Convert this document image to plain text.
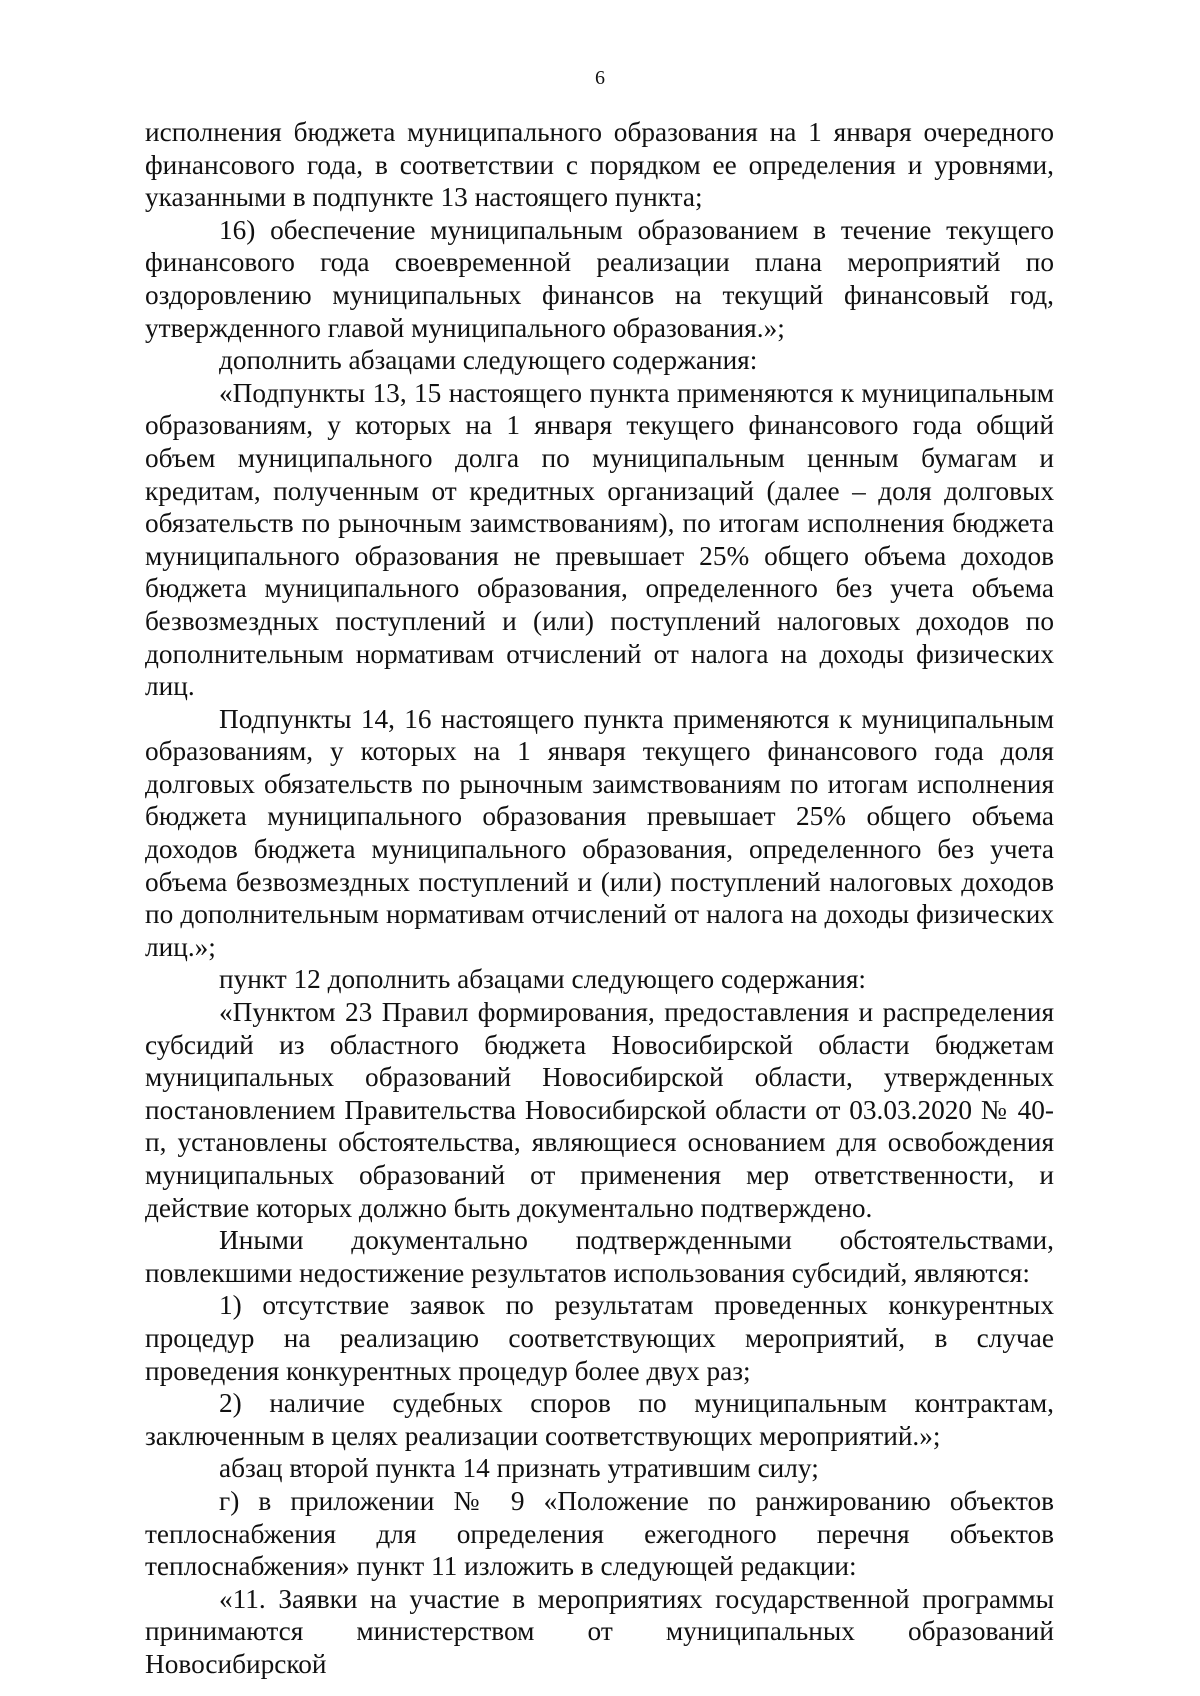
6

исполнения бюджета муниципального образования на 1 января очередного финансового года, в соответствии с порядком ее определения и уровнями, указанными в подпункте 13 настоящего пункта;

16) обеспечение муниципальным образованием в течение текущего финансового года своевременной реализации плана мероприятий по оздоровлению муниципальных финансов на текущий финансовый год, утвержденного главой муниципального образования.»;

дополнить абзацами следующего содержания:

«Подпункты 13, 15 настоящего пункта применяются к муниципальным образованиям, у которых на 1 января текущего финансового года общий объем муниципального долга по муниципальным ценным бумагам и кредитам, полученным от кредитных организаций (далее – доля долговых обязательств по рыночным заимствованиям), по итогам исполнения бюджета муниципального образования не превышает 25% общего объема доходов бюджета муниципального образования, определенного без учета объема безвозмездных поступлений и (или) поступлений налоговых доходов по дополнительным нормативам отчислений от налога на доходы физических лиц.

Подпункты 14, 16 настоящего пункта применяются к муниципальным образованиям, у которых на 1 января текущего финансового года доля долговых обязательств по рыночным заимствованиям по итогам исполнения бюджета муниципального образования превышает 25% общего объема доходов бюджета муниципального образования, определенного без учета объема безвозмездных поступлений и (или) поступлений налоговых доходов по дополнительным нормативам отчислений от налога на доходы физических лиц.»;

пункт 12 дополнить абзацами следующего содержания:

«Пунктом 23 Правил формирования, предоставления и распределения субсидий из областного бюджета Новосибирской области бюджетам муниципальных образований Новосибирской области, утвержденных постановлением Правительства Новосибирской области от 03.03.2020 № 40-п, установлены обстоятельства, являющиеся основанием для освобождения муниципальных образований от применения мер ответственности, и действие которых должно быть документально подтверждено.

Иными документально подтвержденными обстоятельствами, повлекшими недостижение результатов использования субсидий, являются:

1) отсутствие заявок по результатам проведенных конкурентных процедур на реализацию соответствующих мероприятий, в случае проведения конкурентных процедур более двух раз;

2) наличие судебных споров по муниципальным контрактам, заключенным в целях реализации соответствующих мероприятий.»;

абзац второй пункта 14 признать утратившим силу;

г) в приложении № 9 «Положение по ранжированию объектов теплоснабжения для определения ежегодного перечня объектов теплоснабжения» пункт 11 изложить в следующей редакции:

«11. Заявки на участие в мероприятиях государственной программы принимаются министерством от муниципальных образований Новосибирской
